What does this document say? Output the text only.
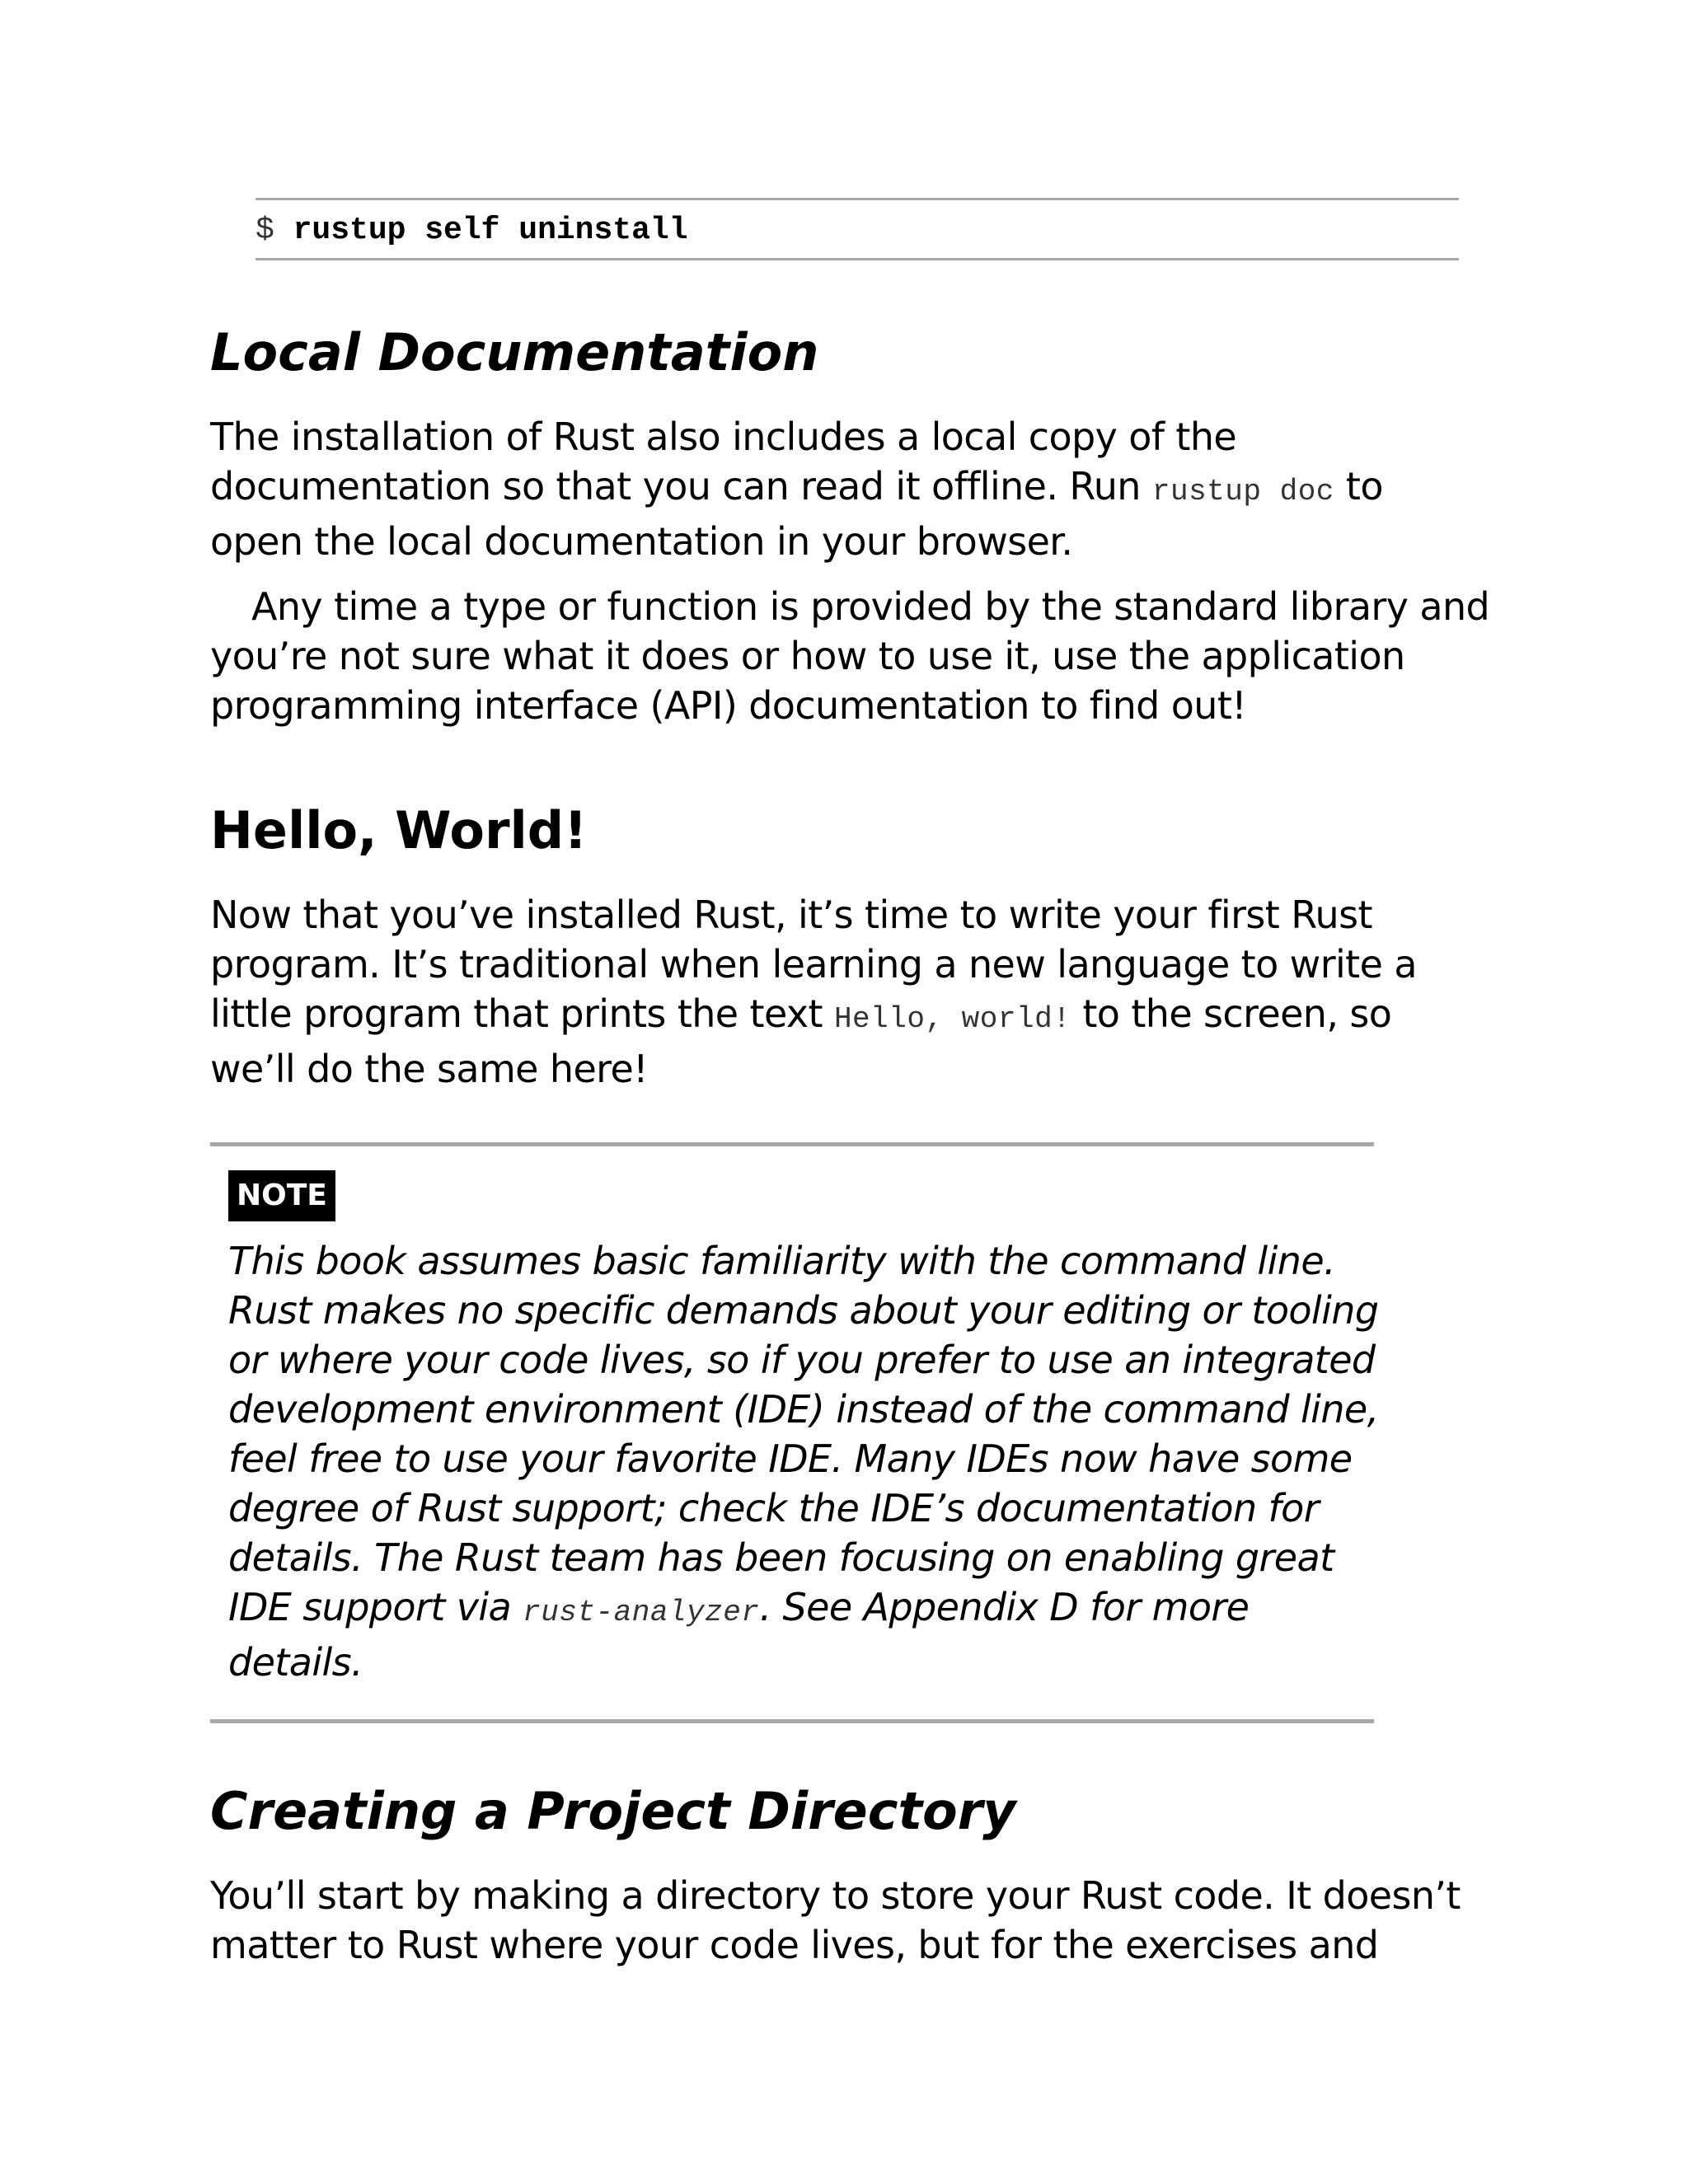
$ rustup self uninstall
Local Documentation

The installation of Rust also includes a local copy of the
documentation so that you can read it offline. Run rustup doc to
open the local documentation in your browser.

Any time a type or function is provided by the standard library and
you’re not sure what it does or how to use it, use the application
programming interface (API) documentation to find out!

Hello, World!

Now that you’ve installed Rust, it’s time to write your first Rust
program. It’s traditional when learning a new language to write a
little program that prints the text Hello, world! to the screen, so
we’ll do the same here!

NOTE

This book assumes basic familiarity with the command line.
Rust makes no specific demands about your editing or tooling
or where your code lives, so if you prefer to use an integrated
development environment (IDE) instead of the command line,
feel free to use your favorite IDE. Many IDEs now have some
degree of Rust support; check the IDE’s documentation for
details. The Rust team has been focusing on enabling great
IDE support via rust-analyzer. See Appendix D for more
details.

Creating a Project Directory

You’ll start by making a directory to store your Rust code. It doesn’t
matter to Rust where your code lives, but for the exercises and
